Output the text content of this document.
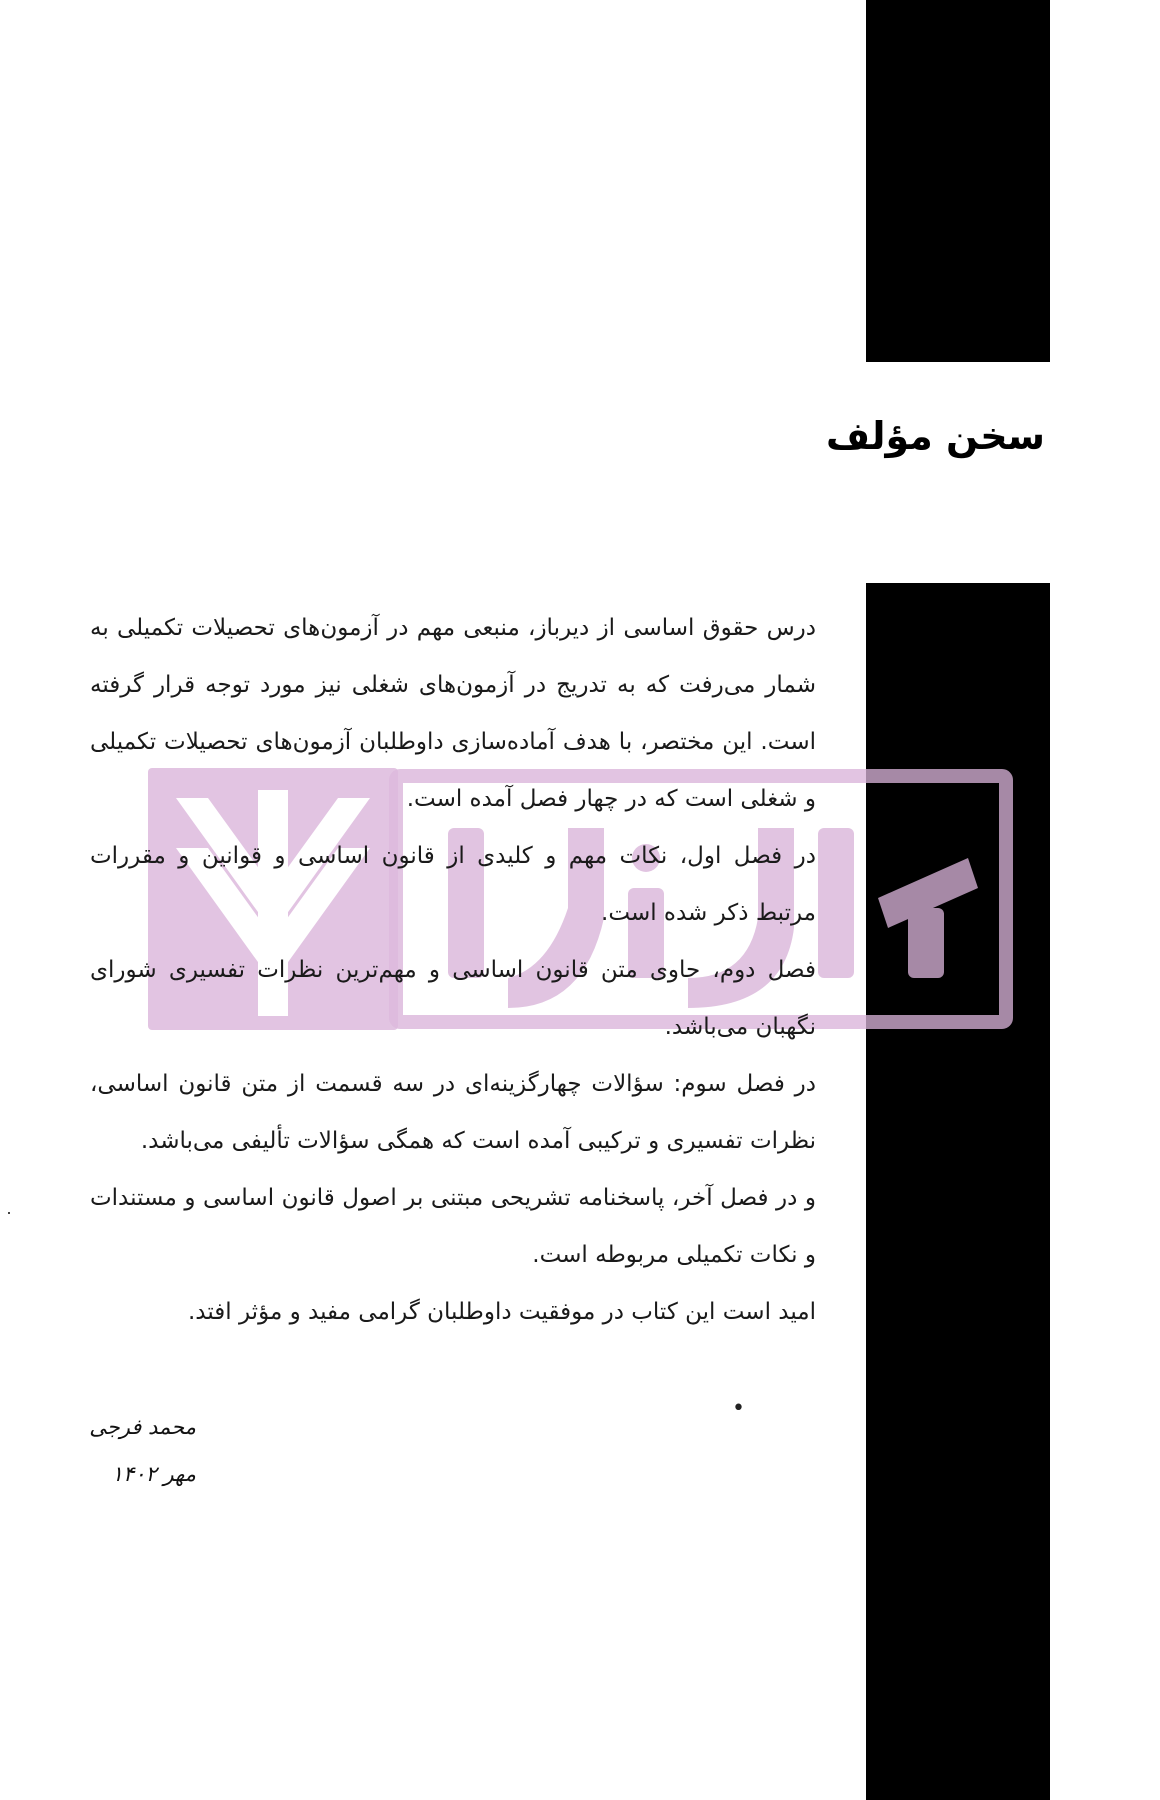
سخن مؤلف

درس حقوق اساسی از دیرباز، منبعی مهم در آزمون‌های تحصیلات تکمیلی به شمار می‌رفت که به تدریج در آزمون‌های شغلی نیز مورد توجه قرار گرفته است. این مختصر، با هدف آماده‌سازی داوطلبان آزمون‌های تحصیلات تکمیلی و شغلی است که در چهار فصل آمده است.

در فصل اول، نکات مهم و کلیدی از قانون اساسی و قوانین و مقررات مرتبط ذکر شده است.

فصل دوم، حاوی متن قانون اساسی و مهم‌ترین نظرات تفسیری شورای نگهبان می‌باشد.

در فصل سوم: سؤالات چهارگزینه‌ای در سه قسمت از متن قانون اساسی، نظرات تفسیری و ترکیبی آمده است که همگی سؤالات تألیفی می‌باشد.

و در فصل آخر، پاسخنامه تشریحی مبتنی بر اصول قانون اساسی و مستندات و نکات تکمیلی مربوطه است.

امید است این کتاب در موفقیت داوطلبان گرامی مفید و مؤثر افتد.

•
محمد فرجی
مهر ۱۴۰۲
